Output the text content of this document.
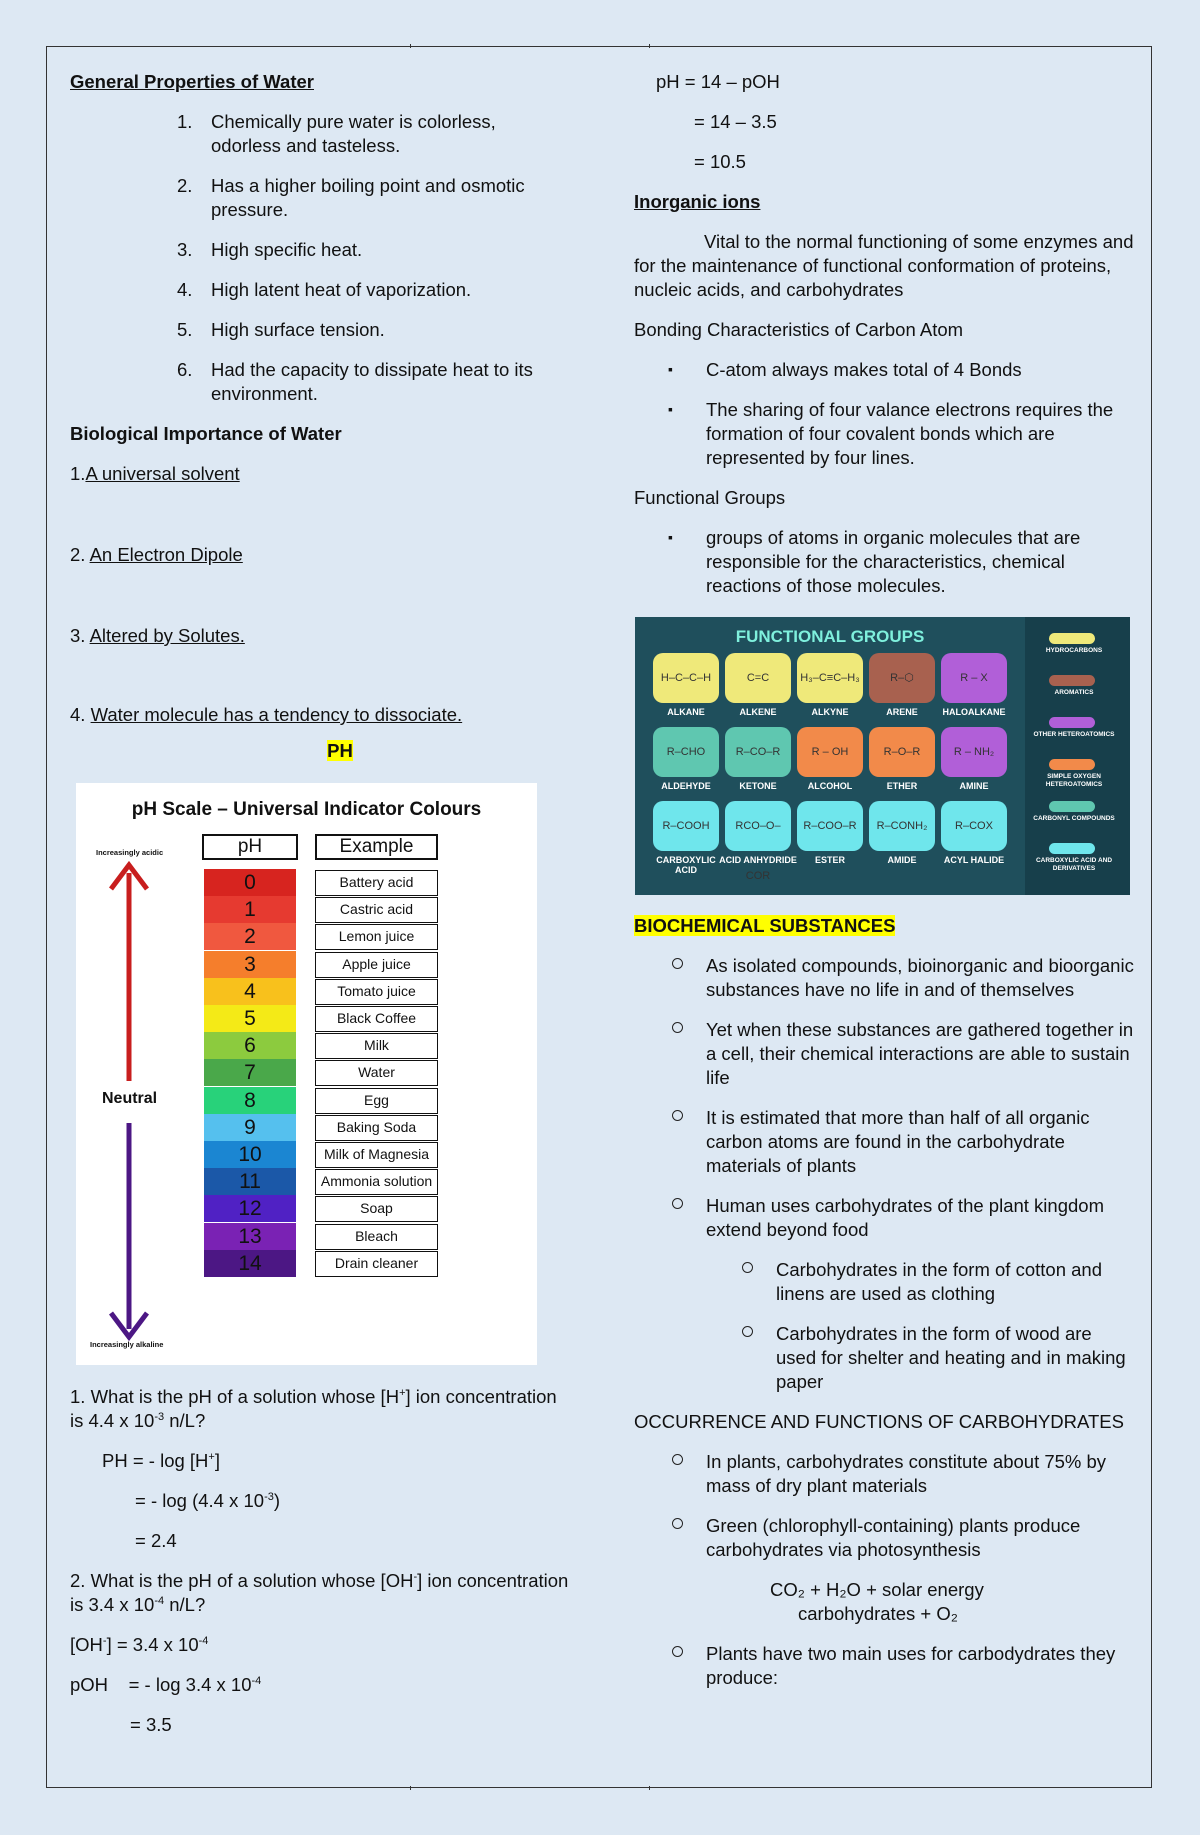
General Properties of Water

1. Chemically pure water is colorless, odorless and tasteless.
2. Has a higher boiling point and osmotic pressure.
3. High specific heat.
4. High latent heat of vaporization.
5. High surface tension.
6. Had the capacity to dissipate heat to its environment.

Biological Importance of Water

1.A universal solvent
2. An Electron Dipole
3. Altered by Solutes.
4. Water molecule has a tendency to dissociate.
PH
pH Scale – Universal Indicator Colours
pH	Example
Increasingly acidic
Increasingly alkaline
Neutral
0	Battery acid
1	Castric acid
2	Lemon juice
3	Apple juice
4	Tomato juice
5	Black Coffee
6	Milk
7	Water
8	Egg
9	Baking Soda
10	Milk of Magnesia
11	Ammonia solution
12	Soap
13	Bleach
14	Drain cleaner

1. What is the pH of a solution whose [H+] ion concentration is 4.4 x $10^{-3}$ n/L?

PH = - log [H+]

= - log (4.4 x $10^{-3}$)

= 2.4

2. What is the pH of a solution whose [OH-] ion concentration is 3.4 x $10^{-4}$ n/L?

[OH-] = 3.4 x $10^{-4}$

pOH    = - log 3.4 x $10^{-4}$

= 3.5

pH = 14 – pOH

= 14 – 3.5

= 10.5

Inorganic ions

Vital to the normal functioning of some enzymes and for the maintenance of functional conformation of proteins, nucleic acids, and carbohydrates

Bonding Characteristics of Carbon Atom

▪ C-atom always makes total of 4 Bonds
▪ The sharing of four valance electrons requires the formation of four covalent bonds which are represented by four lines.

Functional Groups

▪ groups of atoms in organic molecules that are responsible for the characteristics, chemical reactions of those molecules.
FUNCTIONAL GROUPS
HYDROCARBONS
AROMATICS
OTHER HETEROATOMICS
SIMPLE OXYGEN HETEROATOMICS
CARBONYL COMPOUNDS
CARBOXYLIC ACID AND DERIVATIVES
H–C–C–H
ALKANE
C=C
ALKENE
H₃–C≡C–H₃
ALKYNE
R–⬡
ARENE
R – X
HALOALKANE
R–CHO
ALDEHYDE
R–CO–R
KETONE
R – OH
ALCOHOL
R–O–R
ETHER
R – NH₂
AMINE
R–COOH
CARBOXYLIC ACID
RCO–O–COR
ACID ANHYDRIDE
R–COO–R
ESTER
R–CONH₂
AMIDE
R–COX
ACYL HALIDE

BIOCHEMICAL SUBSTANCES

As isolated compounds, bioinorganic and bioorganic substances have no life in and of themselves
Yet when these substances are gathered together in a cell, their chemical interactions are able to sustain life
It is estimated that more than half of all organic carbon atoms are found in the carbohydrate materials of plants
Human uses carbohydrates of the plant kingdom extend beyond food
Carbohydrates in the form of cotton and linens are used as clothing
Carbohydrates in the form of wood are used for shelter and heating and in making paper

OCCURRENCE AND FUNCTIONS OF CARBOHYDRATES

In plants, carbohydrates constitute about 75% by mass of dry plant materials
Green (chlorophyll-containing) plants produce carbohydrates via photosynthesis
CO₂ + H₂O + solar energy
carbohydrates + O₂
Plants have two main uses for carbodydrates they produce:
